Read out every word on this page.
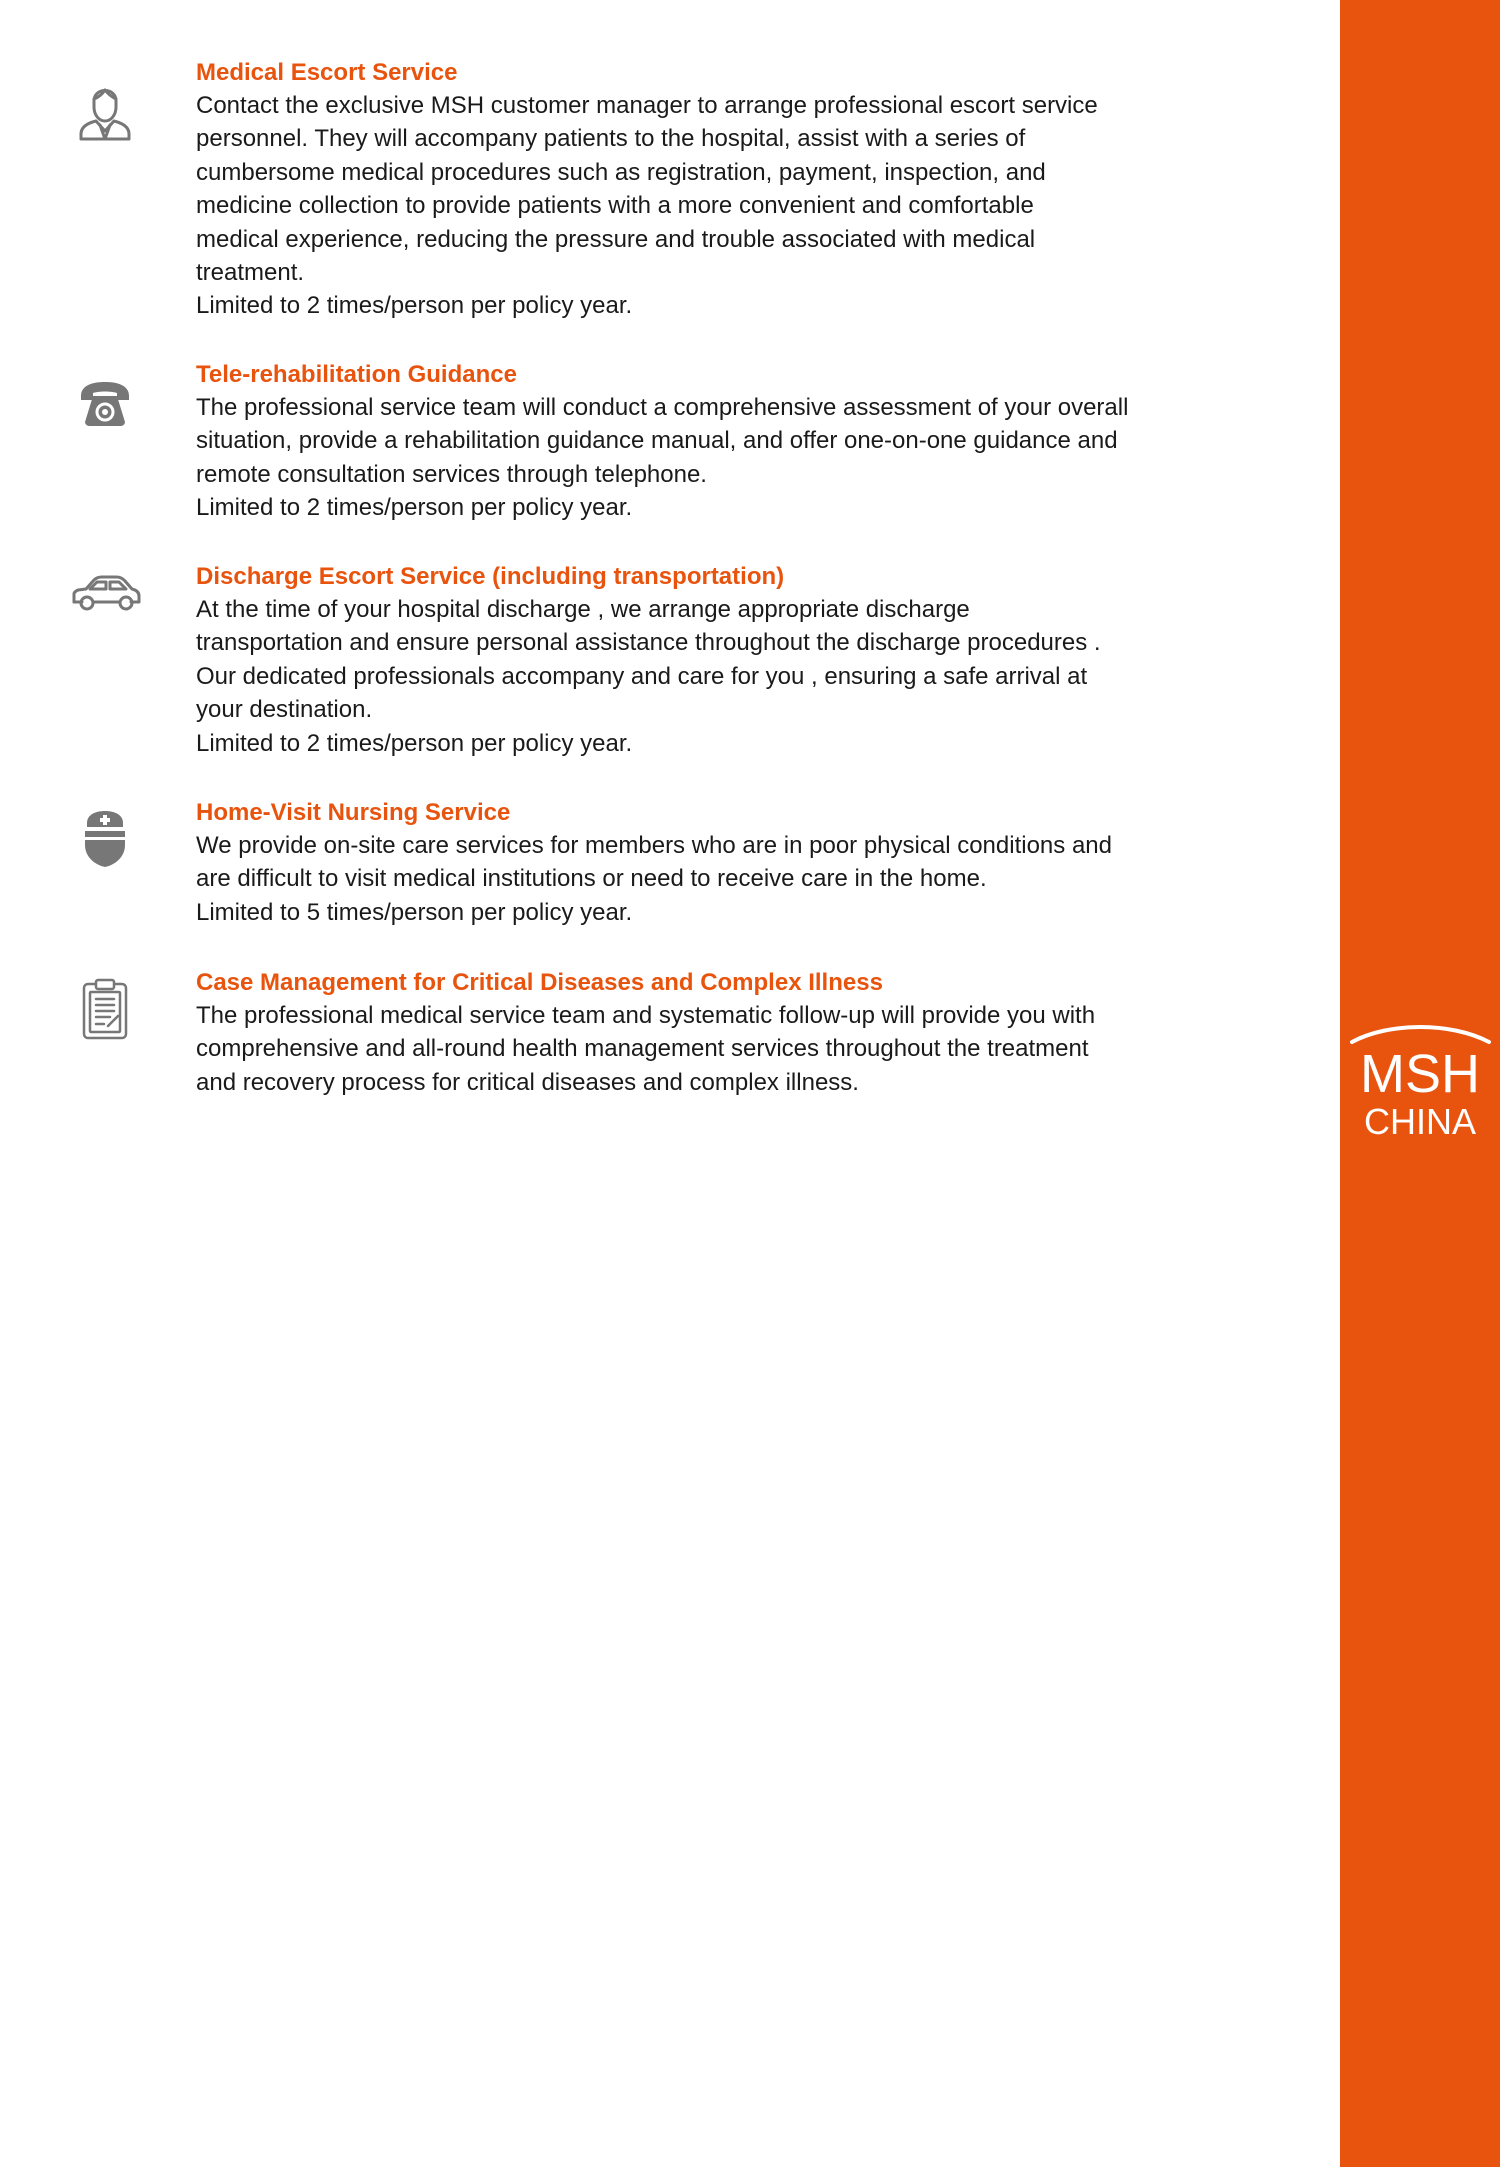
Medical Escort Service

Contact the exclusive MSH customer manager to arrange professional escort service
personnel. They will accompany patients to the hospital, assist with a series of
cumbersome medical procedures such as registration, payment, inspection, and
medicine collection to provide patients with a more convenient and comfortable
medical experience, reducing the pressure and trouble associated with medical
treatment.

Limited to 2 times/person per policy year.

Tele-rehabilitation Guidance

The professional service team will conduct a comprehensive assessment of your overall
situation, provide a rehabilitation guidance manual, and offer one-on-one guidance and
remote consultation services through telephone.

Limited to 2 times/person per policy year.

Discharge Escort Service (including transportation)

At the time of your hospital discharge , we arrange appropriate discharge
transportation and ensure personal assistance throughout the discharge procedures .
Our dedicated professionals accompany and care for you , ensuring a safe arrival at
your destination.

Limited to 2 times/person per policy year.

Home-Visit Nursing Service

We provide on-site care services for members who are in poor physical conditions and
are difficult to visit medical institutions or need to receive care in the home.

Limited to 5 times/person per policy year.

Case Management for Critical Diseases and Complex Illness

The professional medical service team and systematic follow-up will provide you with
comprehensive and all-round health management services throughout the treatment
and recovery process for critical diseases and complex illness.	MSH
CHINA
